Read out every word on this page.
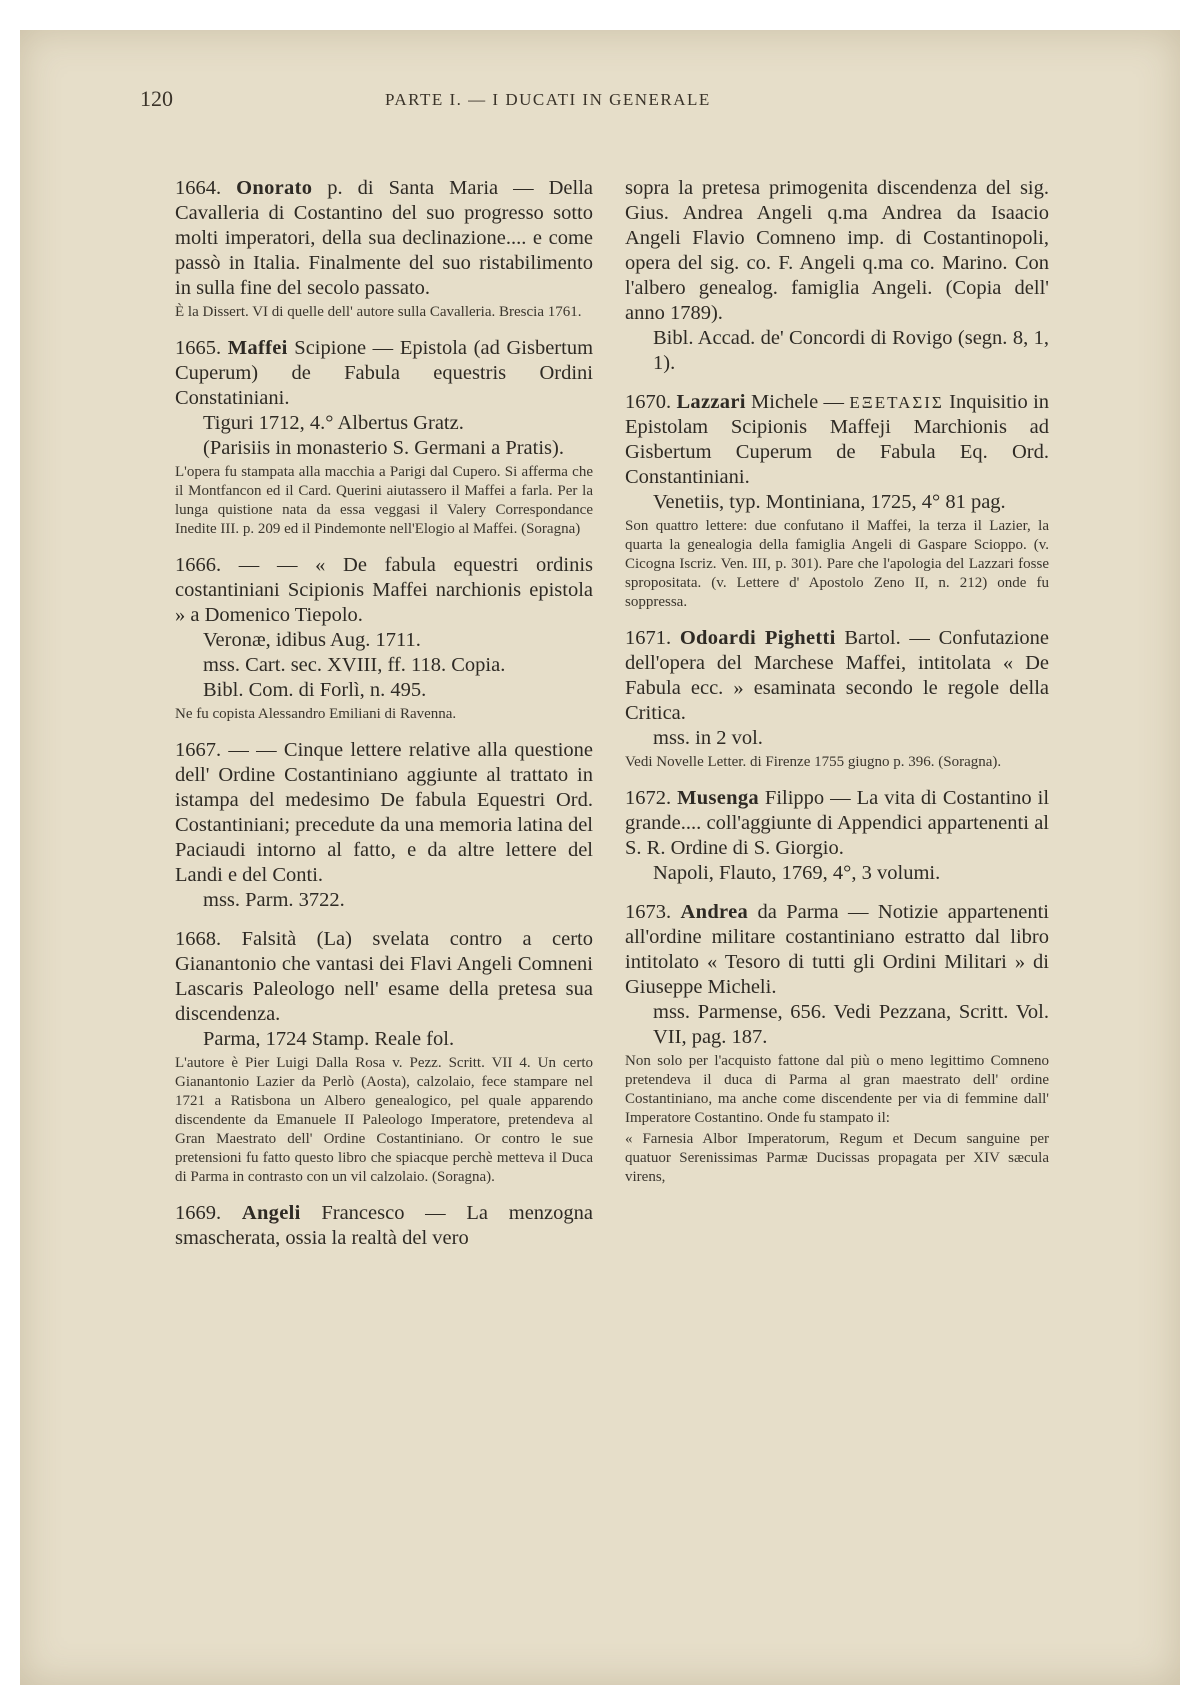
120	PARTE I. — I DUCATI IN GENERALE

1664. Onorato p. di Santa Maria — Della Cavalleria di Costantino del suo progresso sotto molti imperatori, della sua declinazione.... e come passò in Italia. Finalmente del suo ristabilimento in sulla fine del secolo passato.

È la Dissert. VI di quelle dell' autore sulla Cavalleria. Brescia 1761.

1665. Maffei Scipione — Epistola (ad Gisbertum Cuperum) de Fabula equestris Ordini Constatiniani.

Tiguri 1712, 4.° Albertus Gratz.

(Parisiis in monasterio S. Germani a Pratis).

L'opera fu stampata alla macchia a Parigi dal Cupero. Si afferma che il Montfancon ed il Card. Querini aiutassero il Maffei a farla. Per la lunga quistione nata da essa veggasi il Valery Correspondance Inedite III. p. 209 ed il Pindemonte nell'Elogio al Maffei. (Soragna)

1666. — — « De fabula equestri ordinis costantiniani Scipionis Maffei narchionis epistola » a Domenico Tiepolo.

Veronæ, idibus Aug. 1711.

mss. Cart. sec. XVIII, ff. 118. Copia.

Bibl. Com. di Forlì, n. 495.

Ne fu copista Alessandro Emiliani di Ravenna.

1667. — — Cinque lettere relative alla questione dell' Ordine Costantiniano aggiunte al trattato in istampa del medesimo De fabula Equestri Ord. Costantiniani; precedute da una memoria latina del Paciaudi intorno al fatto, e da altre lettere del Landi e del Conti.

mss. Parm. 3722.

1668. Falsità (La) svelata contro a certo Gianantonio che vantasi dei Flavi Angeli Comneni Lascaris Paleologo nell' esame della pretesa sua discendenza.

Parma, 1724 Stamp. Reale fol.

L'autore è Pier Luigi Dalla Rosa v. Pezz. Scritt. VII 4. Un certo Gianantonio Lazier da Perlò (Aosta), calzolaio, fece stampare nel 1721 a Ratisbona un Albero genealogico, pel quale apparendo discendente da Emanuele II Paleologo Imperatore, pretendeva al Gran Maestrato dell' Ordine Costantiniano. Or contro le sue pretensioni fu fatto questo libro che spiacque perchè metteva il Duca di Parma in contrasto con un vil calzolaio. (Soragna).

1669. Angeli Francesco — La menzogna smascherata, ossia la realtà del vero

sopra la pretesa primogenita discendenza del sig. Gius. Andrea Angeli q.ma Andrea da Isaacio Angeli Flavio Comneno imp. di Costantinopoli, opera del sig. co. F. Angeli q.ma co. Marino. Con l'albero genealog. famiglia Angeli. (Copia dell' anno 1789).

Bibl. Accad. de' Concordi di Rovigo (segn. 8, 1, 1).

1670. Lazzari Michele — ΕΞΕΤΑΣΙΣ Inquisitio in Epistolam Scipionis Maffeji Marchionis ad Gisbertum Cuperum de Fabula Eq. Ord. Constantiniani.

Venetiis, typ. Montiniana, 1725, 4° 81 pag.

Son quattro lettere: due confutano il Maffei, la terza il Lazier, la quarta la genealogia della famiglia Angeli di Gaspare Scioppo. (v. Cicogna Iscriz. Ven. III, p. 301). Pare che l'apologia del Lazzari fosse spropositata. (v. Lettere d' Apostolo Zeno II, n. 212) onde fu soppressa.

1671. Odoardi Pighetti Bartol. — Confutazione dell'opera del Marchese Maffei, intitolata « De Fabula ecc. » esaminata secondo le regole della Critica.

mss. in 2 vol.

Vedi Novelle Letter. di Firenze 1755 giugno p. 396. (Soragna).

1672. Musenga Filippo — La vita di Costantino il grande.... coll'aggiunte di Appendici appartenenti al S. R. Ordine di S. Giorgio.

Napoli, Flauto, 1769, 4°, 3 volumi.

1673. Andrea da Parma — Notizie appartenenti all'ordine militare costantiniano estratto dal libro intitolato « Tesoro di tutti gli Ordini Militari » di Giuseppe Micheli.

mss. Parmense, 656. Vedi Pezzana, Scritt. Vol. VII, pag. 187.

Non solo per l'acquisto fattone dal più o meno legittimo Comneno pretendeva il duca di Parma al gran maestrato dell' ordine Costantiniano, ma anche come discendente per via di femmine dall' Imperatore Costantino. Onde fu stampato il:

« Farnesia Albor Imperatorum, Regum et Decum sanguine per quatuor Serenissimas Parmæ Ducissas propagata per XIV sæcula virens,
